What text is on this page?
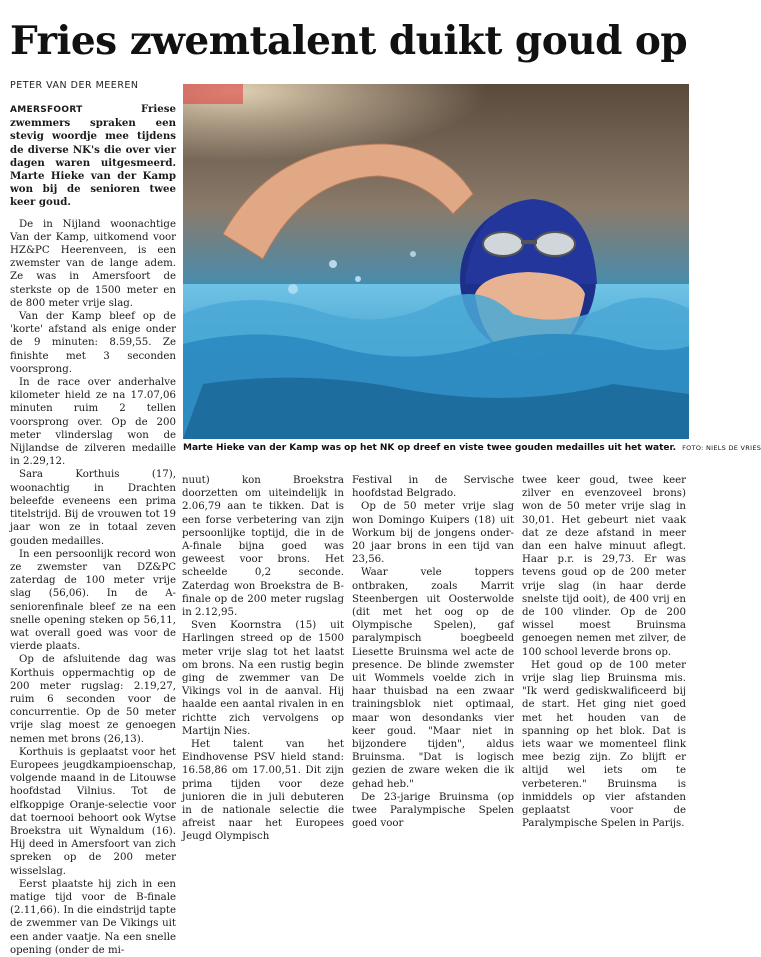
Fries zwemtalent duikt goud op
PETER VAN DER MEEREN

AMERSFOORT	Friese zwemmers spraken een stevig woordje mee tijdens de diverse NK's die over vier dagen waren uitgesmeerd. Marte Hieke van der Kamp won bij de senioren twee keer goud.

De in Nijland woonachtige Van der Kamp, uitkomend voor HZ&PC Heerenveen, is een zwemster van de lange adem. Ze was in Amersfoort de sterkste op de 1500 meter en de 800 meter vrije slag.

Van der Kamp bleef op de 'korte' afstand als enige onder de 9 minuten: 8.59,55. Ze finishte met 3 seconden voorsprong.

In de race over anderhalve kilometer hield ze na 17.07,06 minuten ruim 2 tellen voorsprong over. Op de 200 meter vlinderslag won de Nijlandse de zilveren medaille in 2.29,12.

Sara Korthuis (17), woonachtig in Drachten beleefde eveneens een prima titelstrijd. Bij de vrouwen tot 19 jaar won ze in totaal zeven gouden medailles.

In een persoonlijk record won ze zwemster van DZ&PC zaterdag de 100 meter vrije slag (56,06). In de A-seniorenfinale bleef ze na een snelle opening steken op 56,11, wat overall goed was voor de vierde plaats.

Op de afsluitende dag was Korthuis oppermachtig op de 200 meter rugslag: 2.19,27, ruim 6 seconden voor de concurrentie. Op de 50 meter vrije slag moest ze genoegen nemen met brons (26,13).

Korthuis is geplaatst voor het Europees jeugdkampioenschap, volgende maand in de Litouwse hoofdstad Vilnius. Tot de elfkoppige Oranje-selectie voor dat toernooi behoort ook Wytse Broekstra uit Wynaldum (16). Hij deed in Amersfoort van zich spreken op de 200 meter wisselslag.

Eerst plaatste hij zich in een matige tijd voor de B-finale (2.11,66). In die eindstrijd tapte de zwemmer van De Vikings uit een ander vaatje. Na een snelle opening (onder de mi-

Marte Hieke van der Kamp was op het NK op dreef en viste twee gouden medailles uit het water. FOTO: NIELS DE VRIES

nuut) kon Broekstra doorzetten om uiteindelijk in 2.06,79 aan te tikken. Dat is een forse verbetering van zijn persoonlijke toptijd, die in de A-finale bijna goed was geweest voor brons. Het scheelde 0,2 seconde. Zaterdag won Broekstra de B-finale op de 200 meter rugslag in 2.12,95.

Sven Koornstra (15) uit Harlingen streed op de 1500 meter vrije slag tot het laatst om brons. Na een rustig begin ging de zwemmer van De Vikings vol in de aanval. Hij haalde een aantal rivalen in en richtte zich vervolgens op Martijn Nies.

Het talent van het Eindhovense PSV hield stand: 16.58,86 om 17.00,51. Dit zijn prima tijden voor deze junioren die in juli debuteren in de nationale selectie die afreist naar het Europees Jeugd Olympisch

Festival in de Servische hoofdstad Belgrado.

Op de 50 meter vrije slag won Domingo Kuipers (18) uit Workum bij de jongens onder-20 jaar brons in een tijd van 23,56.

Waar vele toppers ontbraken, zoals Marrit Steenbergen uit Oosterwolde (dit met het oog op de Olympische Spelen), gaf paralympisch boegbeeld Liesette Bruinsma wel acte de presence. De blinde zwemster uit Wommels voelde zich in haar thuisbad na een zwaar trainingsblok niet optimaal, maar won desondanks vier keer goud. "Maar niet in bijzondere tijden", aldus Bruinsma. "Dat is logisch gezien de zware weken die ik gehad heb."

De 23-jarige Bruinsma (op twee Paralympische Spelen goed voor

twee keer goud, twee keer zilver en evenzoveel brons) won de 50 meter vrije slag in 30,01. Het gebeurt niet vaak dat ze deze afstand in meer dan een halve minuut aflegt. Haar p.r. is 29,73. Er was tevens goud op de 200 meter vrije slag (in haar derde snelste tijd ooit), de 400 vrij en de 100 vlinder. Op de 200 wissel moest Bruinsma genoegen nemen met zilver, de 100 school leverde brons op.

Het goud op de 100 meter vrije slag liep Bruinsma mis. "Ik werd gediskwalificeerd bij de start. Het ging niet goed met het houden van de spanning op het blok. Dat is iets waar we momenteel flink mee bezig zijn. Zo blijft er altijd wel iets om te verbeteren." Bruinsma is inmiddels op vier afstanden geplaatst voor de Paralympische Spelen in Parijs.
